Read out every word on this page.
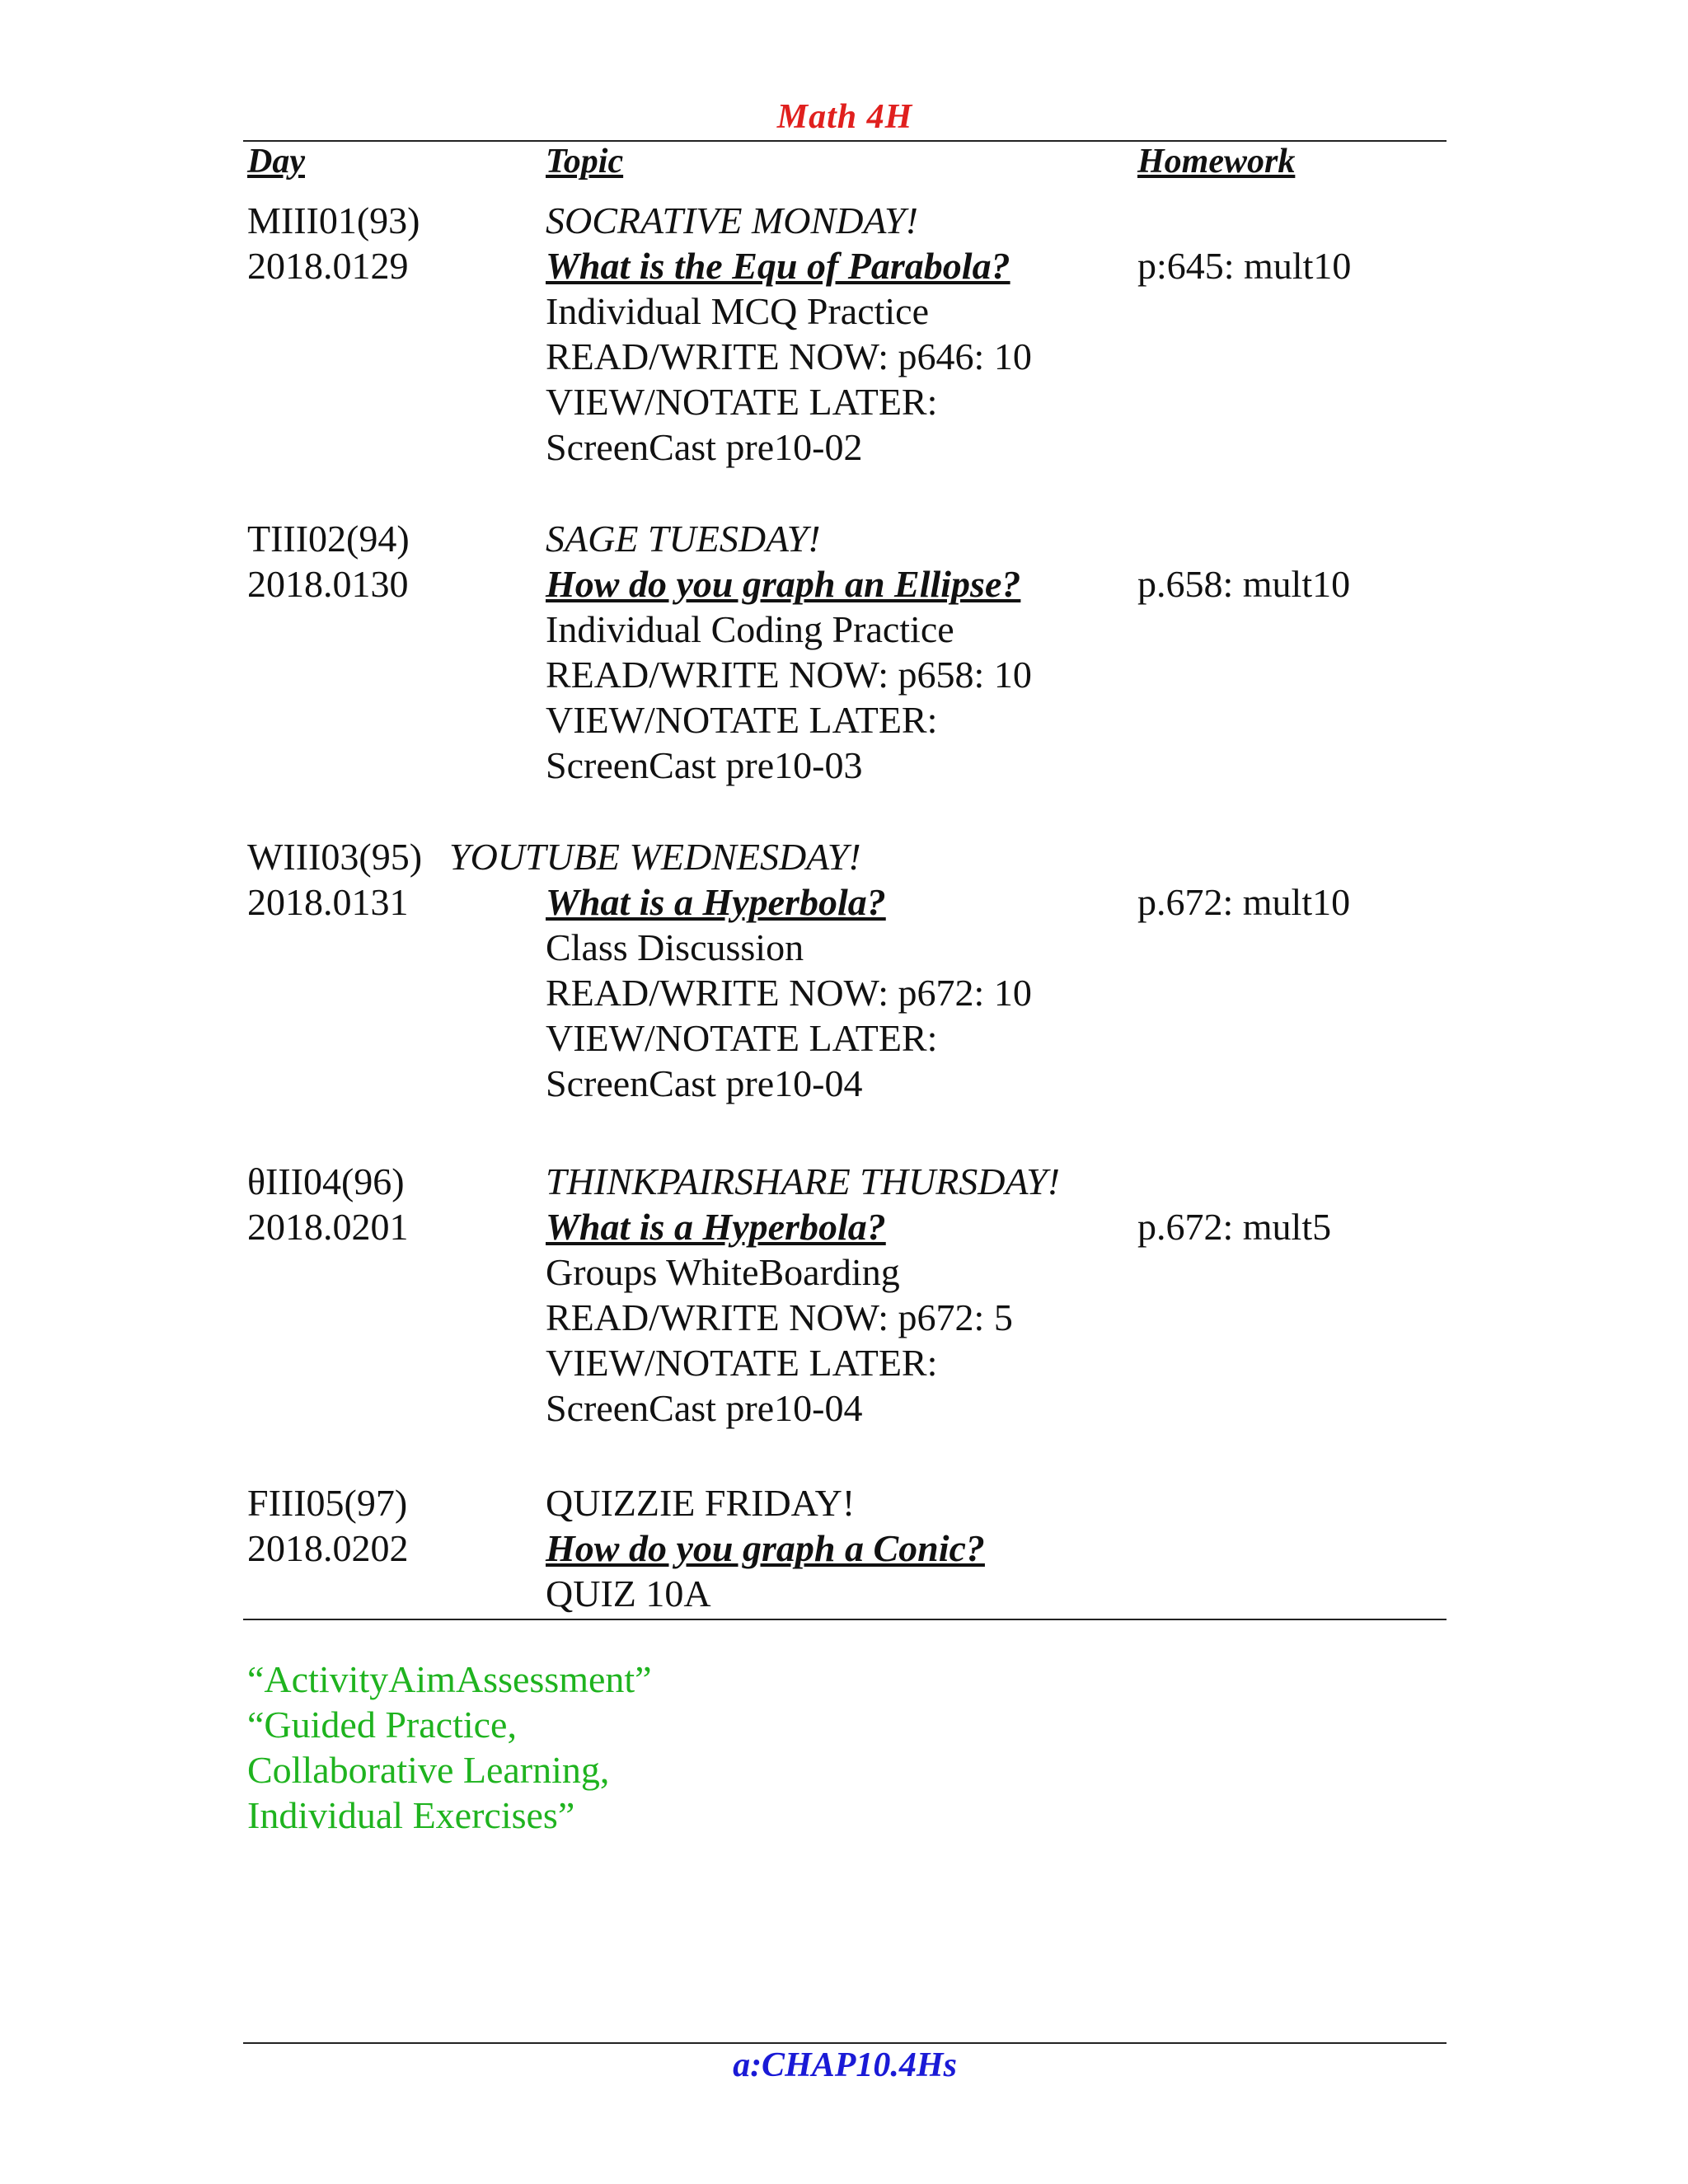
Math 4H
Day	Topic	Homework
MIII01(93)	SOCRATIVE MONDAY!
2018.0129	What is the Equ of Parabola?	p:645: mult10
Individual MCQ Practice
READ/WRITE NOW: p646: 10
VIEW/NOTATE LATER:
ScreenCast pre10-02
TIII02(94)	SAGE TUESDAY!
2018.0130	How do you graph an Ellipse?	p.658: mult10
Individual Coding Practice
READ/WRITE NOW: p658: 10
VIEW/NOTATE LATER:
ScreenCast pre10-03
WIII03(95) YOUTUBE WEDNESDAY!
2018.0131	What is a Hyperbola?	p.672: mult10
Class Discussion
READ/WRITE NOW: p672: 10
VIEW/NOTATE LATER:
ScreenCast pre10-04
θIII04(96)	THINKPAIRSHARE THURSDAY!
2018.0201	What is a Hyperbola?	p.672: mult5
Groups WhiteBoarding
READ/WRITE NOW: p672: 5
VIEW/NOTATE LATER:
ScreenCast pre10-04
FIII05(97)	QUIZZIE FRIDAY!
2018.0202	How do you graph a Conic?
QUIZ 10A
“ActivityAimAssessment”
“Guided Practice,
Collaborative Learning,
Individual Exercises”
a:CHAP10.4Hs
